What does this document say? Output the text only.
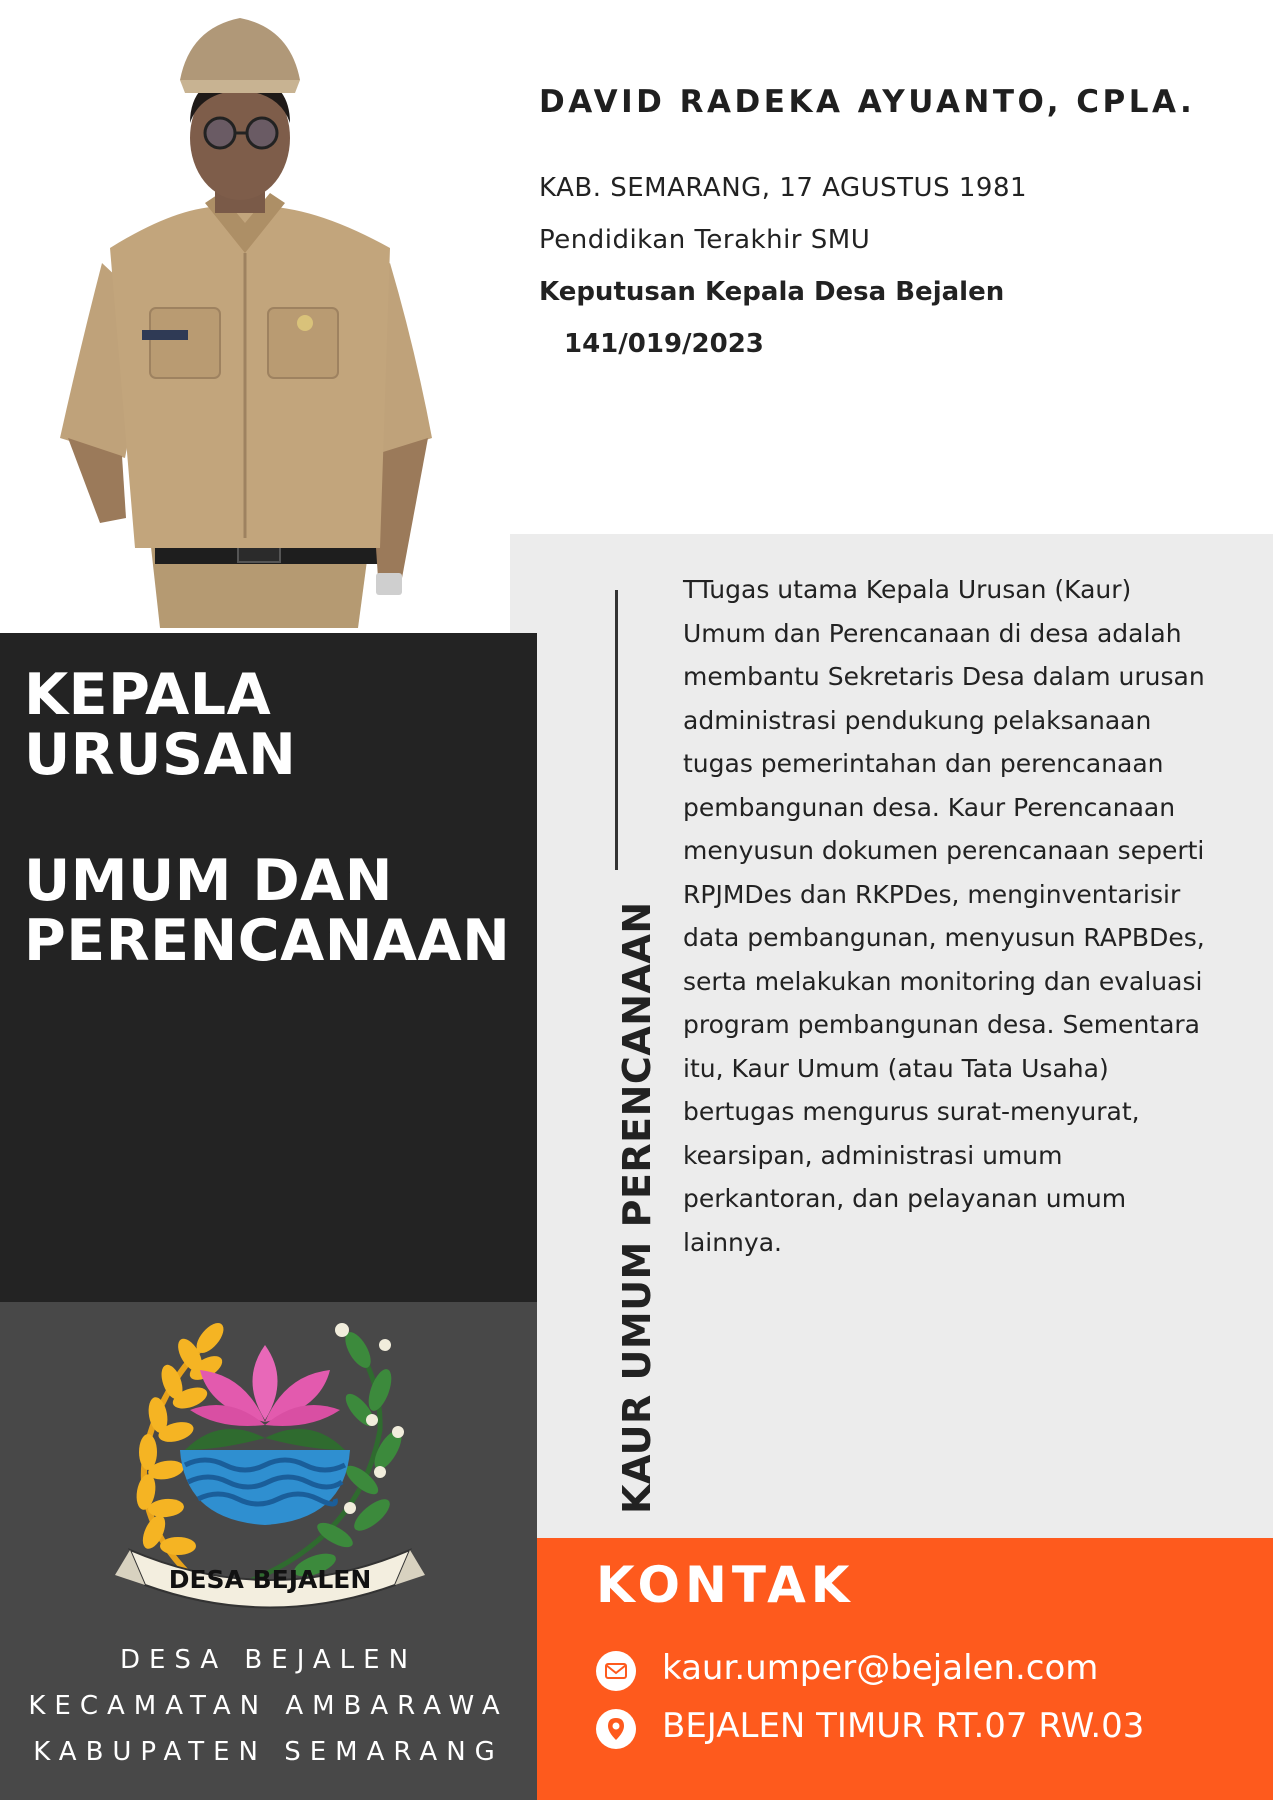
DAVID RADEKA AYUANTO, CPLA.
KAB. SEMARANG, 17 AGUSTUS 1981
Pendidikan Terakhir SMU
Keputusan Kepala Desa Bejalen
141/019/2023
KAUR UMUM PERENCANAAN
TTugas utama Kepala Urusan (Kaur)
Umum dan Perencanaan di desa adalah
membantu Sekretaris Desa dalam urusan
administrasi pendukung pelaksanaan
tugas pemerintahan dan perencanaan
pembangunan desa. Kaur Perencanaan
menyusun dokumen perencanaan seperti
RPJMDes dan RKPDes, menginventarisir
data pembangunan, menyusun RAPBDes,
serta melakukan monitoring dan evaluasi
program pembangunan desa. Sementara
itu, Kaur Umum (atau Tata Usaha)
bertugas mengurus surat-menyurat,
kearsipan, administrasi umum
perkantoran, dan pelayanan umum
lainnya.
KEPALA
URUSAN
UMUM DAN
PERENCANAAN
DESA BEJALEN
DESA BEJALEN
KECAMATAN AMBARAWA
KABUPATEN SEMARANG
KONTAK
kaur.umper@bejalen.com
BEJALEN TIMUR RT.07 RW.03
